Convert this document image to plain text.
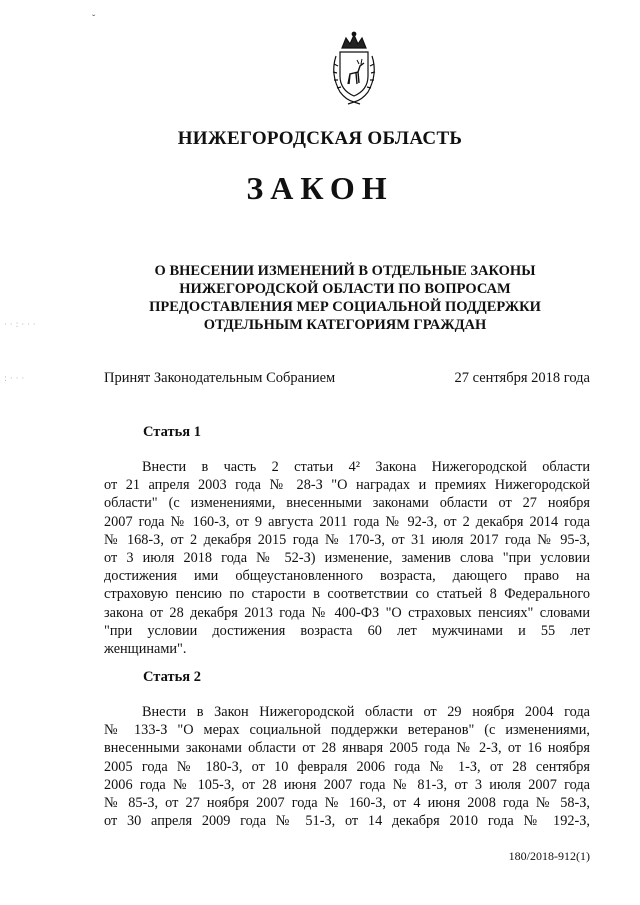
ˇ
НИЖЕГОРОДСКАЯ ОБЛАСТЬ
ЗАКОН
О ВНЕСЕНИИ ИЗМЕНЕНИЙ В ОТДЕЛЬНЫЕ ЗАКОНЫ
НИЖЕГОРОДСКОЙ ОБЛАСТИ ПО ВОПРОСАМ
ПРЕДОСТАВЛЕНИЯ МЕР СОЦИАЛЬНОЙ ПОДДЕРЖКИ
ОТДЕЛЬНЫМ КАТЕГОРИЯМ ГРАЖДАН
· · : · · ·
: · · ·	Принят Законодательным Собранием	27 сентября 2018 года
Статья 1
Внести в часть 2 статьи 4² Закона Нижегородской области
от 21 апреля 2003 года № 28-З "О наградах и премиях Нижегородской
области" (с изменениями, внесенными законами области от 27 ноября
2007 года № 160-З, от 9 августа 2011 года № 92-З, от 2 декабря 2014 года
№ 168-З, от 2 декабря 2015 года № 170-З, от 31 июля 2017 года № 95-З,
от 3 июля 2018 года № 52-З) изменение, заменив слова "при условии
достижения ими общеустановленного возраста, дающего право на
страховую пенсию по старости в соответствии со статьей 8 Федерального
закона от 28 декабря 2013 года № 400-ФЗ "О страховых пенсиях" словами
"при условии достижения возраста 60 лет мужчинами и 55 лет
женщинами".
Статья 2
Внести в Закон Нижегородской области от 29 ноября 2004 года
№ 133-З "О мерах социальной поддержки ветеранов" (с изменениями,
внесенными законами области от 28 января 2005 года № 2-З, от 16 ноября
2005 года № 180-З, от 10 февраля 2006 года № 1-З, от 28 сентября
2006 года № 105-З, от 28 июня 2007 года № 81-З, от 3 июля 2007 года
№ 85-З, от 27 ноября 2007 года № 160-З, от 4 июня 2008 года № 58-З,
от 30 апреля 2009 года № 51-З, от 14 декабря 2010 года № 192-З,
180/2018-912(1)
